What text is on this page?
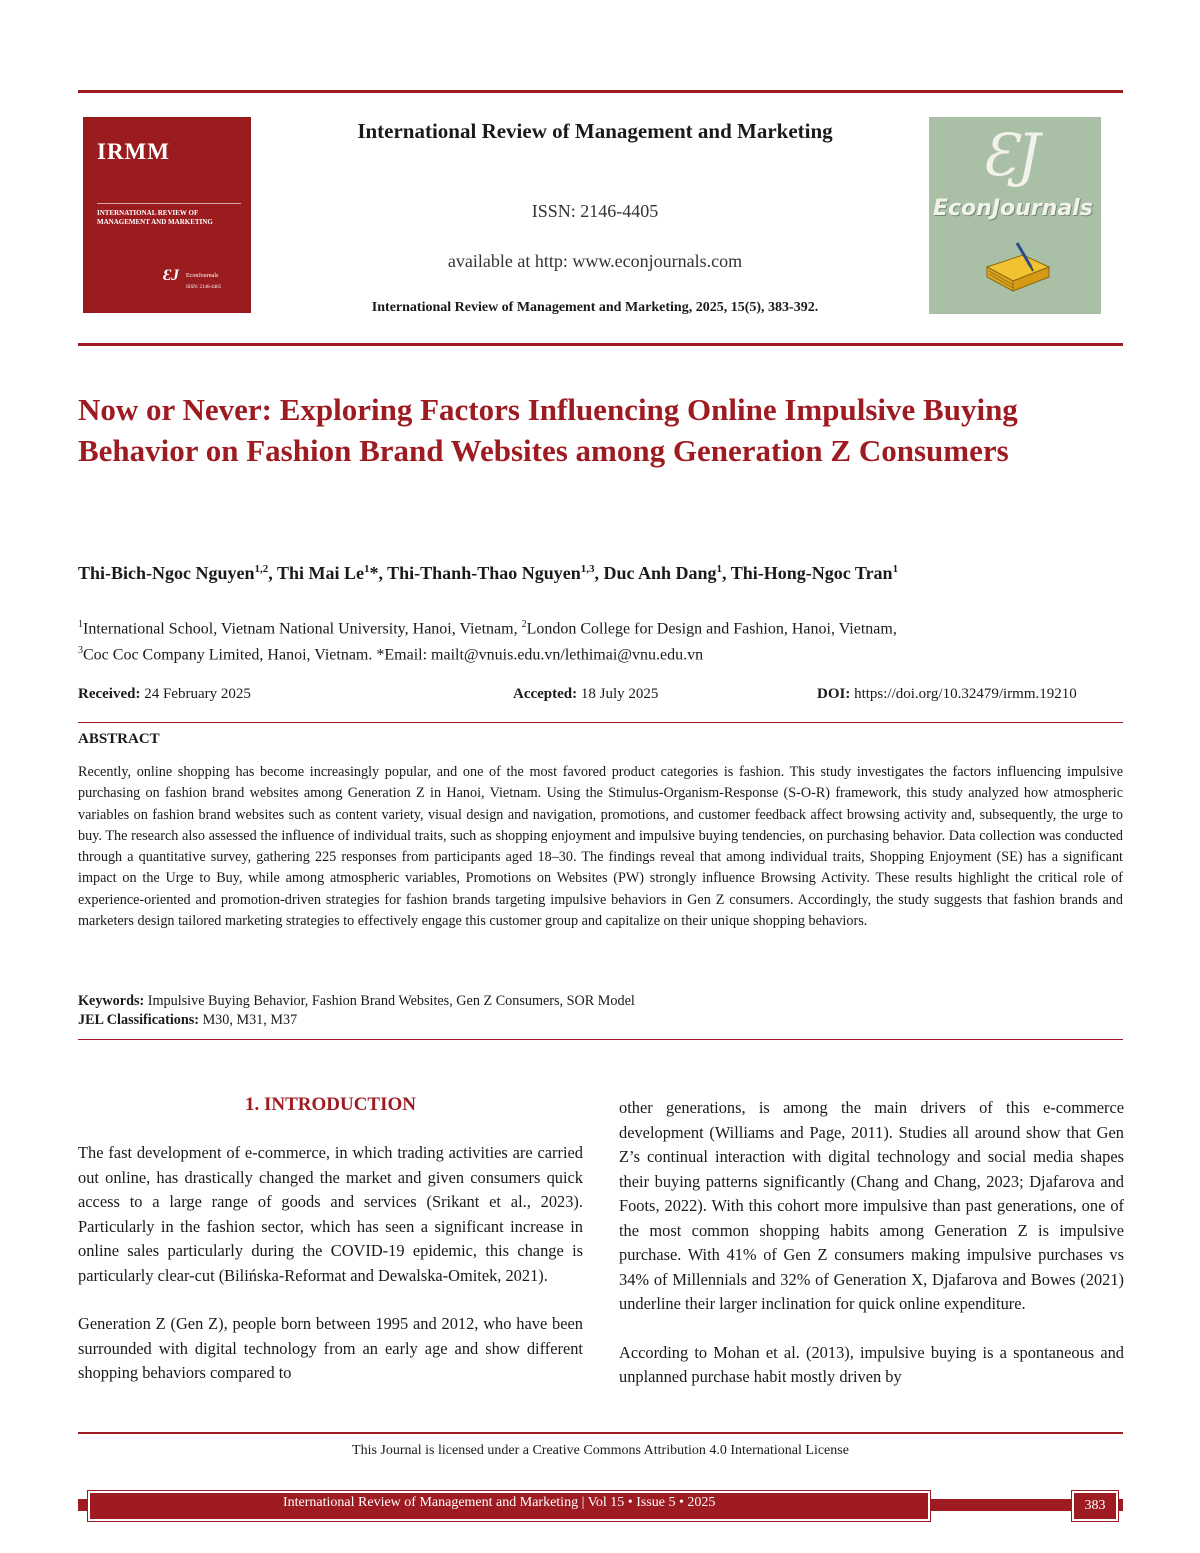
IRMM
INTERNATIONAL REVIEW OF MANAGEMENT AND MARKETING
ƐJ EconJournals
ISSN: 2146-4405
International Review of Management and Marketing
ISSN: 2146-4405
available at http: www.econjournals.com
International Review of Management and Marketing, 2025, 15(5), 383-392.
ƐJ
EconJournals
Now or Never: Exploring Factors Influencing Online Impulsive Buying Behavior on Fashion Brand Websites among Generation Z Consumers
Thi-Bich-Ngoc Nguyen$^{1,2}$, Thi Mai Le$^1$*, Thi-Thanh-Thao Nguyen$^{1,3}$, Duc Anh Dang$^1$, Thi-Hong-Ngoc Tran$^1$
$^1$International School, Vietnam National University, Hanoi, Vietnam, $^2$London College for Design and Fashion, Hanoi, Vietnam,
$^3$Coc Coc Company Limited, Hanoi, Vietnam. *Email: mailt@vnuis.edu.vn/lethimai@vnu.edu.vn
Received: 24 February 2025	Accepted: 18 July 2025	DOI: https://doi.org/10.32479/irmm.19210
ABSTRACT
Recently, online shopping has become increasingly popular, and one of the most favored product categories is fashion. This study investigates the factors influencing impulsive purchasing on fashion brand websites among Generation Z in Hanoi, Vietnam. Using the Stimulus-Organism-Response (S-O-R) framework, this study analyzed how atmospheric variables on fashion brand websites such as content variety, visual design and navigation, promotions, and customer feedback affect browsing activity and, subsequently, the urge to buy. The research also assessed the influence of individual traits, such as shopping enjoyment and impulsive buying tendencies, on purchasing behavior. Data collection was conducted through a quantitative survey, gathering 225 responses from participants aged 18–30. The findings reveal that among individual traits, Shopping Enjoyment (SE) has a significant impact on the Urge to Buy, while among atmospheric variables, Promotions on Websites (PW) strongly influence Browsing Activity. These results highlight the critical role of experience-oriented and promotion-driven strategies for fashion brands targeting impulsive behaviors in Gen Z consumers. Accordingly, the study suggests that fashion brands and marketers design tailored marketing strategies to effectively engage this customer group and capitalize on their unique shopping behaviors.
Keywords: Impulsive Buying Behavior, Fashion Brand Websites, Gen Z Consumers, SOR Model
JEL Classifications: M30, M31, M37
1. INTRODUCTION

The fast development of e-commerce, in which trading activities are carried out online, has drastically changed the market and given consumers quick access to a large range of goods and services (Srikant et al., 2023). Particularly in the fashion sector, which has seen a significant increase in online sales particularly during the COVID-19 epidemic, this change is particularly clear-cut (Bilińska-Reformat and Dewalska-Omitek, 2021).

Generation Z (Gen Z), people born between 1995 and 2012, who have been surrounded with digital technology from an early age and show different shopping behaviors compared to

other generations, is among the main drivers of this e-commerce development (Williams and Page, 2011). Studies all around show that Gen Z’s continual interaction with digital technology and social media shapes their buying patterns significantly (Chang and Chang, 2023; Djafarova and Foots, 2022). With this cohort more impulsive than past generations, one of the most common shopping habits among Generation Z is impulsive purchase. With 41% of Gen Z consumers making impulsive purchases vs 34% of Millennials and 32% of Generation X, Djafarova and Bowes (2021) underline their larger inclination for quick online expenditure.

According to Mohan et al. (2013), impulsive buying is a spontaneous and unplanned purchase habit mostly driven by

This Journal is licensed under a Creative Commons Attribution 4.0 International License
International Review of Management and Marketing | Vol 15 • Issue 5 • 2025	383
